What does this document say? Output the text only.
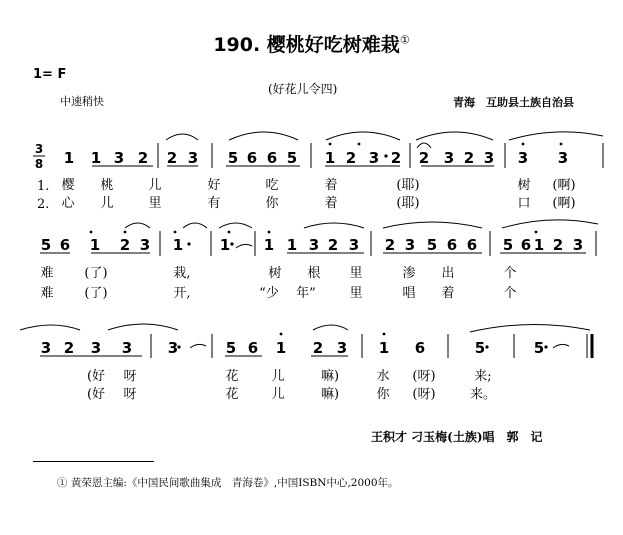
190. 樱桃好吃树难栽①
1= F
中速稍快
(好花儿令四)
青海　互助县土族自治县
3
8 1 1 3 2 2 3 5 6 6 5 1 2 3 2 2 3 2 3 3 3
1.
2.
樱 桃	儿	好	吃	着	(耶)	树 (啊)
心 儿	里	有	你	着	(耶)	口 (啊)
5 6 1 2 3 1 1 1 1 3 2 3 2 3 5 6 6 5 6 1 2 3
难 (了)	栽,	树 根 里	渗 出	个
难 (了)	开,	“少 年”	里	唱 着	个
3 2 3 3 3	5 6 1 2 3 1 6	5	5
(好 呀	花	儿	嘛)	水 (呀)	来;
(好 呀	花	儿	嘛)	你 (呀)	来。
王积才 刁玉梅(土族)唱　郭　记
① 黄荣恩主编:《中国民间歌曲集成　青海卷》,中国ISBN中心,2000年。
